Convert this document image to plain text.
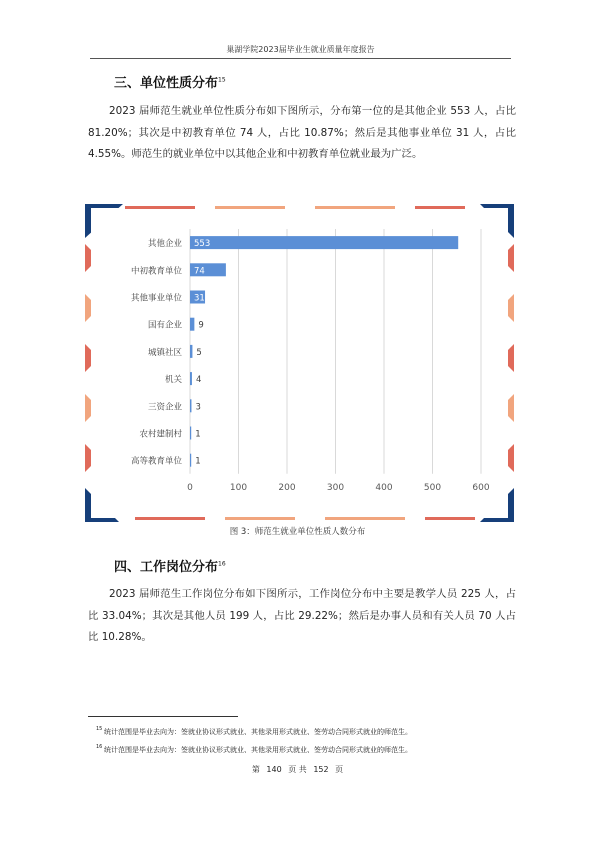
巢湖学院2023届毕业生就业质量年度报告
三、单位性质分布$^{15}$
2023 届师范生就业单位性质分布如下图所示，分布第一位的是其他企业 553 人，占比 81.20%；其次是中初教育单位 74 人，占比 10.87%；然后是其他事业单位 31 人，占比 4.55%。师范生的就业单位中以其他企业和中初教育单位就业最为广泛。
0	100	200	300	400	500	600
其他企业 553
中初教育单位 74
其他事业单位 31
国有企业 9
城镇社区 5
机关 4
三资企业 3
农村建制村 1
高等教育单位 1
图 3：师范生就业单位性质人数分布
四、工作岗位分布$^{16}$
2023 届师范生工作岗位分布如下图所示，工作岗位分布中主要是教学人员 225 人，占比 33.04%；其次是其他人员 199 人，占比 29.22%；然后是办事人员和有关人员 70 人占比 10.28%。
15 统计范围是毕业去向为：签就业协议形式就业、其他录用形式就业、签劳动合同形式就业的师范生。
16 统计范围是毕业去向为：签就业协议形式就业、其他录用形式就业、签劳动合同形式就业的师范生。
第 140 页 共 152 页
